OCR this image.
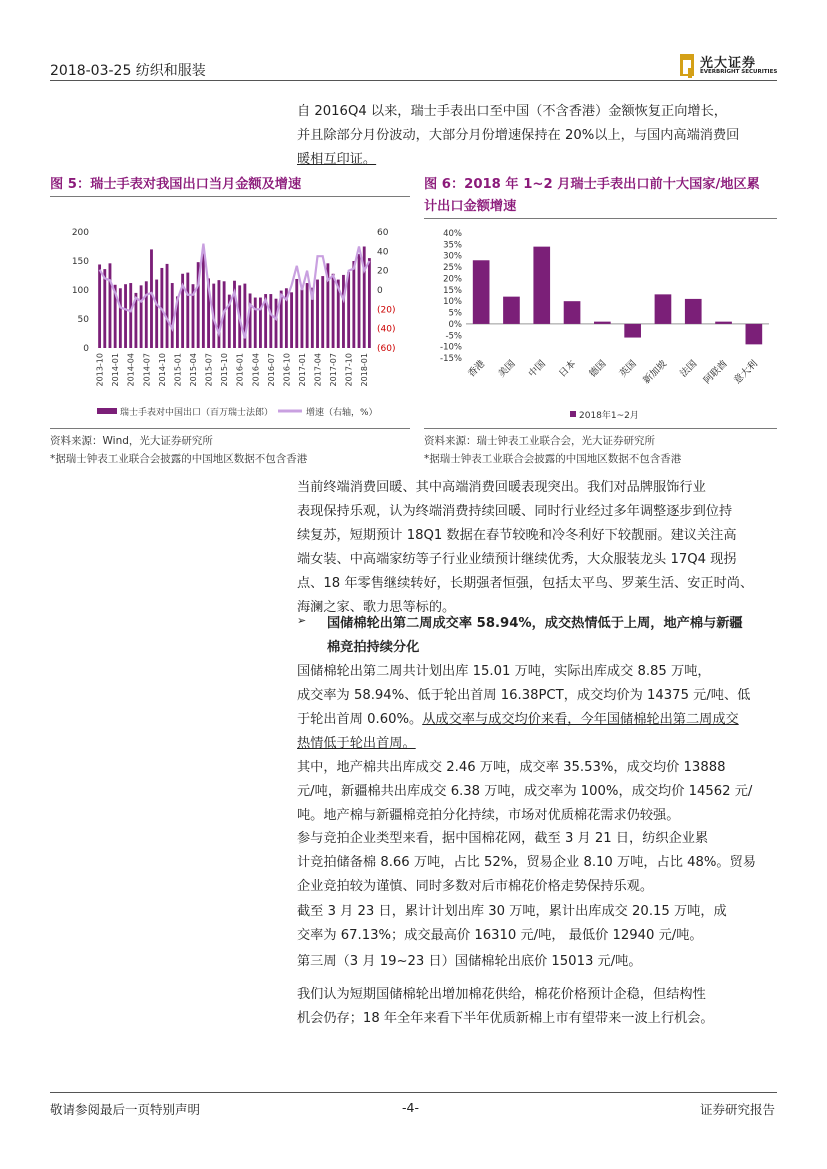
2018-03-25 纺织和服装	光大证券
EVERBRIGHT SECURITIES
自 2016Q4 以来，瑞士手表出口至中国（不含香港）金额恢复正向增长，
并且除部分月份波动，大部分月份增速保持在 20%以上，与国内高端消费回
暖相互印证。
图 5：瑞士手表对我国出口当月金额及增速	图 6：2018 年 1~2 月瑞士手表出口前十大国家/地区累
计出口金额增速
200
150
100
50
0
60
40
20
0
(20)
(40)
(60)
2013-10 2014-01 2014-04 2014-07 2014-10 2015-01 2015-04 2015-07 2015-10 2016-01 2016-04 2016-07 2016-10 2017-01 2017-04 2017-07 2017-10 2018-01
瑞士手表对中国出口（百万瑞士法郎）	增速（右轴，%）
40%
35%
30%
25%
20%
15%
10%
5%
0%
-5%
-10%
-15% 香港 美国 中国 日本 德国 英国 新加坡 法国 阿联酋 意大利
2018年1~2月
资料来源：Wind，光大证券研究所
*据瑞士钟表工业联合会披露的中国地区数据不包含香港
资料来源：瑞士钟表工业联合会，光大证券研究所
*据瑞士钟表工业联合会披露的中国地区数据不包含香港
当前终端消费回暖、其中高端消费回暖表现突出。我们对品牌服饰行业
表现保持乐观，认为终端消费持续回暖、同时行业经过多年调整逐步到位持
续复苏，短期预计 18Q1 数据在春节较晚和冷冬利好下较靓丽。建议关注高
端女装、中高端家纺等子行业业绩预计继续优秀，大众服装龙头 17Q4 现拐
点、18 年零售继续转好，长期强者恒强，包括太平鸟、罗莱生活、安正时尚、
海澜之家、歌力思等标的。
➢ 国储棉轮出第二周成交率 58.94%，成交热情低于上周，地产棉与新疆
棉竞拍持续分化
国储棉轮出第二周共计划出库 15.01 万吨，实际出库成交 8.85 万吨，
成交率为 58.94%、低于轮出首周 16.38PCT，成交均价为 14375 元/吨、低
于轮出首周 0.60%。从成交率与成交均价来看，今年国储棉轮出第二周成交
热情低于轮出首周。
其中，地产棉共出库成交 2.46 万吨，成交率 35.53%，成交均价 13888
元/吨，新疆棉共出库成交 6.38 万吨，成交率为 100%，成交均价 14562 元/
吨。地产棉与新疆棉竞拍分化持续，市场对优质棉花需求仍较强。
参与竞拍企业类型来看，据中国棉花网，截至 3 月 21 日，纺织企业累
计竞拍储备棉 8.66 万吨，占比 52%，贸易企业 8.10 万吨，占比 48%。贸易
企业竞拍较为谨慎、同时多数对后市棉花价格走势保持乐观。
截至 3 月 23 日，累计计划出库 30 万吨，累计出库成交 20.15 万吨，成
交率为 67.13%；成交最高价 16310 元/吨， 最低价 12940 元/吨。
第三周（3 月 19~23 日）国储棉轮出底价 15013 元/吨。
我们认为短期国储棉轮出增加棉花供给，棉花价格预计企稳，但结构性
机会仍存；18 年全年来看下半年优质新棉上市有望带来一波上行机会。
敬请参阅最后一页特别声明	-4-	证券研究报告
